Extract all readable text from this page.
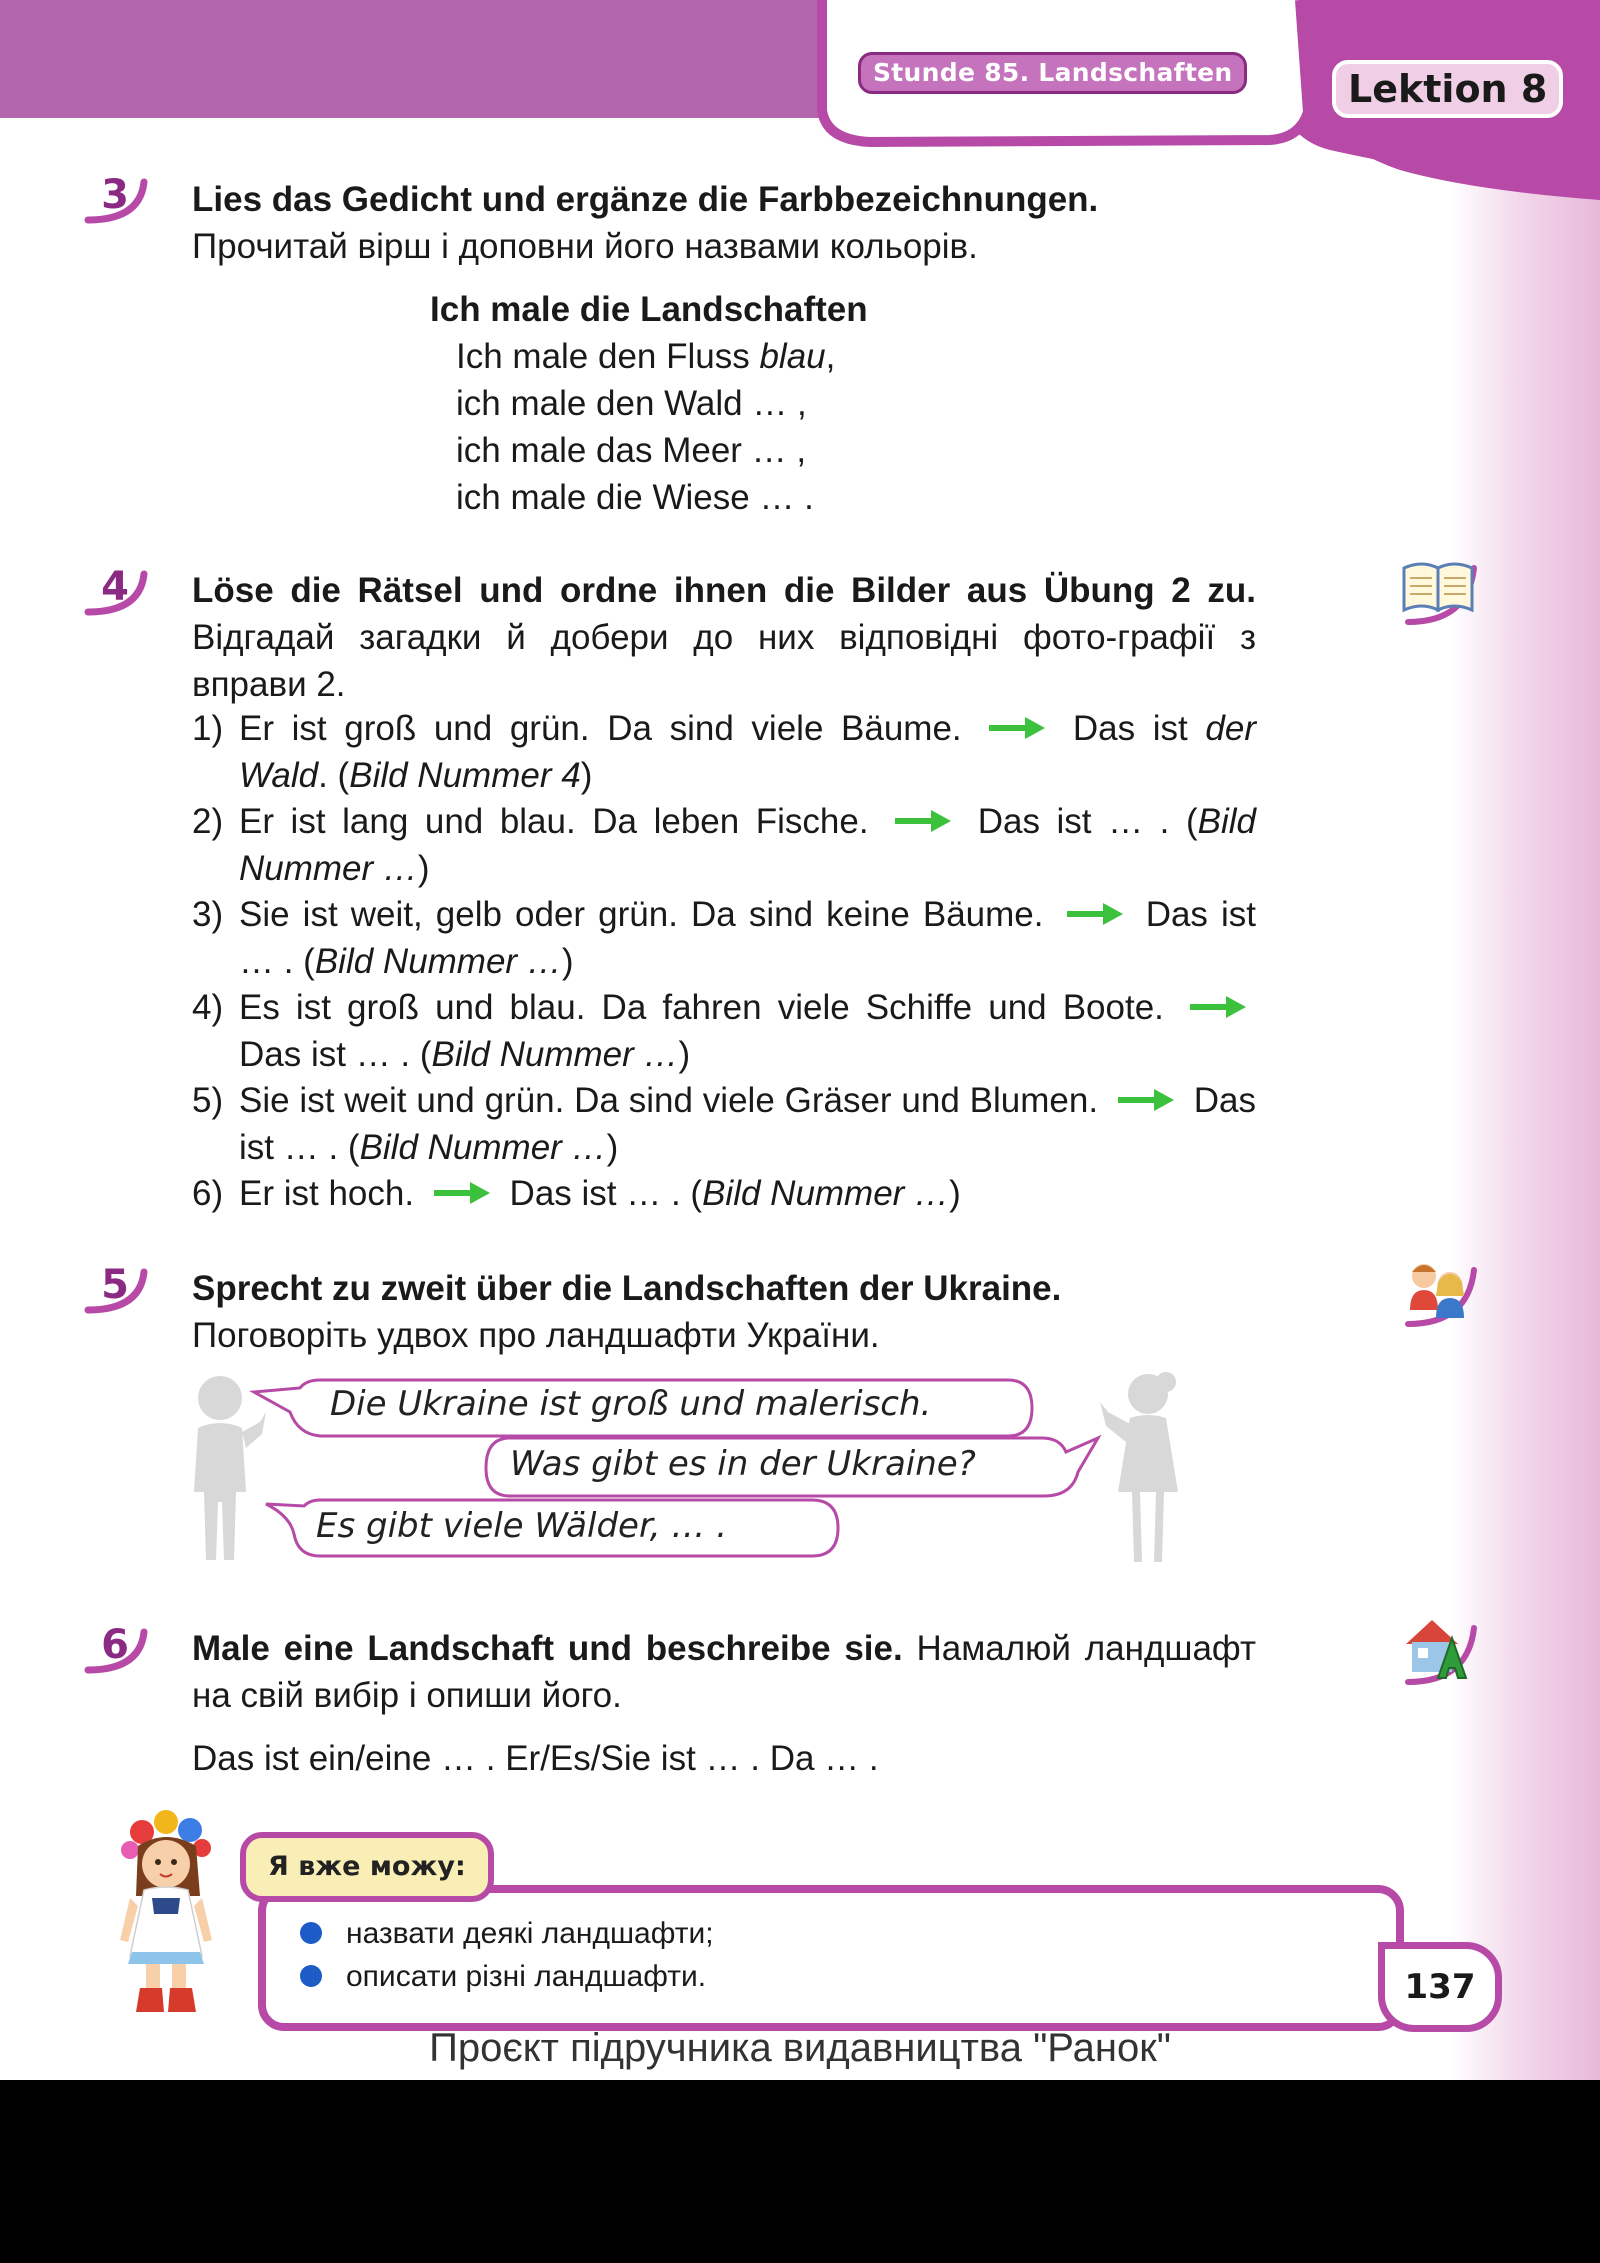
Stunde 85. Landschaften	Lektion 8
3	Lies das Gedicht und ergänze die Farbbezeichnungen.
Прочитай вірш і доповни його назвами кольорів.
Ich male die Landschaften
Ich male den Fluss blau,
ich male den Wald … ,
ich male das Meer … ,
ich male die Wiese … .
4	Löse die Rätsel und ordne ihnen die Bilder aus Übung 2 zu. Відгадай загадки й добери до них відповідні фото-графії з вправи 2.
1) Er ist groß und grün. Da sind viele Bäume.	Das ist der Wald. (Bild Nummer 4)
2) Er ist lang und blau. Da leben Fische.	Das ist … . (Bild Nummer …)
3) Sie ist weit, gelb oder grün. Da sind keine Bäume.	Das ist … . (Bild Nummer …)
4) Es ist groß und blau. Da fahren viele Schiffe und Boote.  Das ist … . (Bild Nummer …)
5) Sie ist weit und grün. Da sind viele Gräser und Blumen.	Das ist … . (Bild Nummer …)
6) Er ist hoch.	Das ist … . (Bild Nummer …)
5	Sprecht zu zweit über die Landschaften der Ukraine.
Поговоріть удвох про ландшафти України.
Die Ukraine ist groß und malerisch.
Was gibt es in der Ukraine?
Es gibt viele Wälder, … .
6	Male eine Landschaft und beschreibe sie. Намалюй ландшафт на свій вибір і опиши його.
Das ist ein/eine … . Er/Es/Sie ist … . Da … .
Я вже можу:
назвати деякі ландшафти;
описати різні ландшафти.	137
Проєкт підручника видавництва "Ранок"
